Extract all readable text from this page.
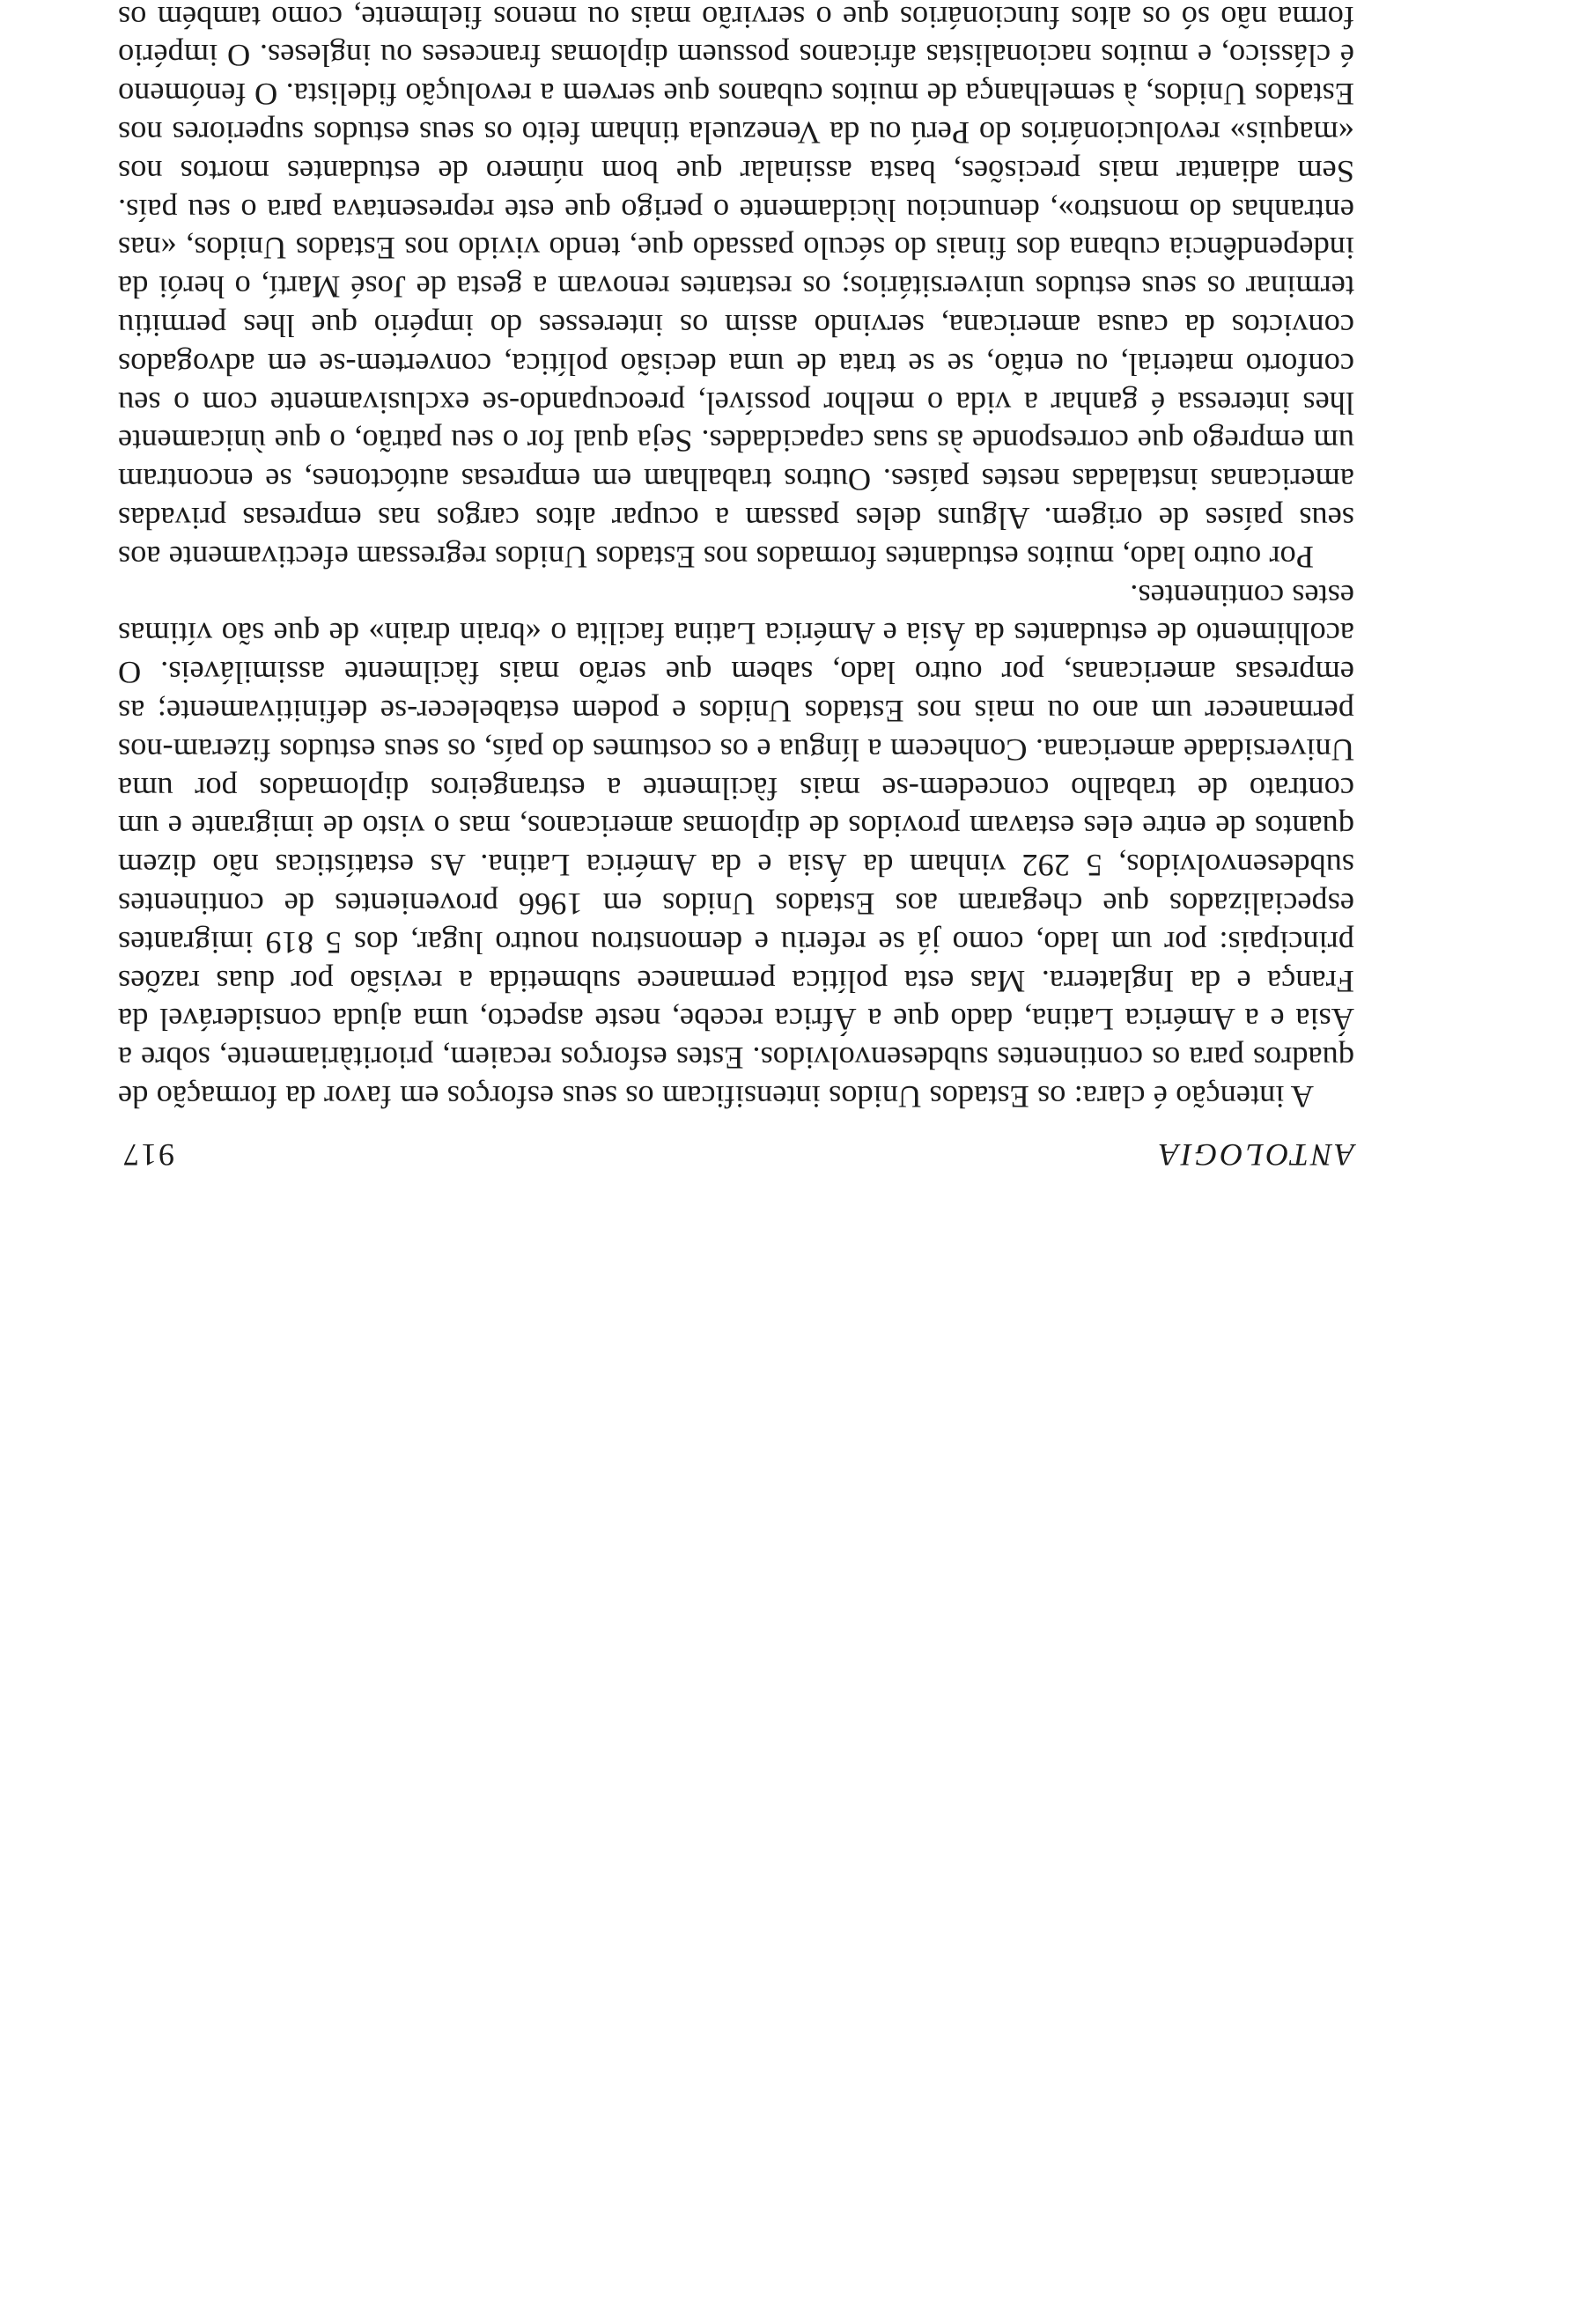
ANTOLOGIA
917

A intenção é clara: os Estados Unidos intensificam os seus esforços em favor da formação de quadros para os continentes subdesenvolvidos. Estes esforços recaiem, prioritàriamente, sobre a Ásia e a América Latina, dado que a África recebe, neste aspecto, uma ajuda considerável da França e da Inglaterra. Mas esta política permanece submetida a revisão por duas razões principais: por um lado, como já se referiu e demonstrou noutro lugar, dos 5 819 imigrantes especializados que chegaram aos Estados Unidos em 1966 provenientes de continentes subdesenvolvidos, 5 292 vinham da Ásia e da América Latina. As estatísticas não dizem quantos de entre eles estavam providos de diplomas americanos, mas o visto de imigrante e um contrato de trabalho concedem-se mais fàcilmente a estrangeiros diplomados por uma Universidade americana. Conhecem a língua e os costumes do país, os seus estudos fizeram-nos permanecer um ano ou mais nos Estados Unidos e podem estabelecer-se definitivamente; as empresas americanas, por outro lado, sabem que serão mais fàcilmente assimiláveis. O acolhimento de estudantes da Ásia e América Latina facilita o «brain drain» de que são vítimas estes continentes.

Por outro lado, muitos estudantes formados nos Estados Unidos regressam efectivamente aos seus países de origem. Alguns deles passam a ocupar altos cargos nas empresas privadas americanas instaladas nestes países. Outros trabalham em empresas autóctones, se encontram um emprego que corresponde às suas capacidades. Seja qual for o seu patrão, o que ùnicamente lhes interessa é ganhar a vida o melhor possível, preocupando-se exclusivamente com o seu conforto material, ou então, se se trata de uma decisão política, convertem-se em advogados convictos da causa americana, servindo assim os interesses do império que lhes permitiu terminar os seus estudos universitários; os restantes renovam a gesta de José Martí, o herói da independência cubana dos finais do século passado que, tendo vivido nos Estados Unidos, «nas entranhas do monstro», denunciou lùcidamente o perigo que este representava para o seu país. Sem adiantar mais precisões, basta assinalar que bom número de estudantes mortos nos «maquis» revolucionários do Perú ou da Venezuela tinham feito os seus estudos superiores nos Estados Unidos, à semelhança de muitos cubanos que servem a revolução fidelista. O fenómeno é clássico, e muitos nacionalistas africanos possuem diplomas franceses ou ingleses. O império forma não só os altos funcionários que o servirão mais ou menos fielmente, como também os
